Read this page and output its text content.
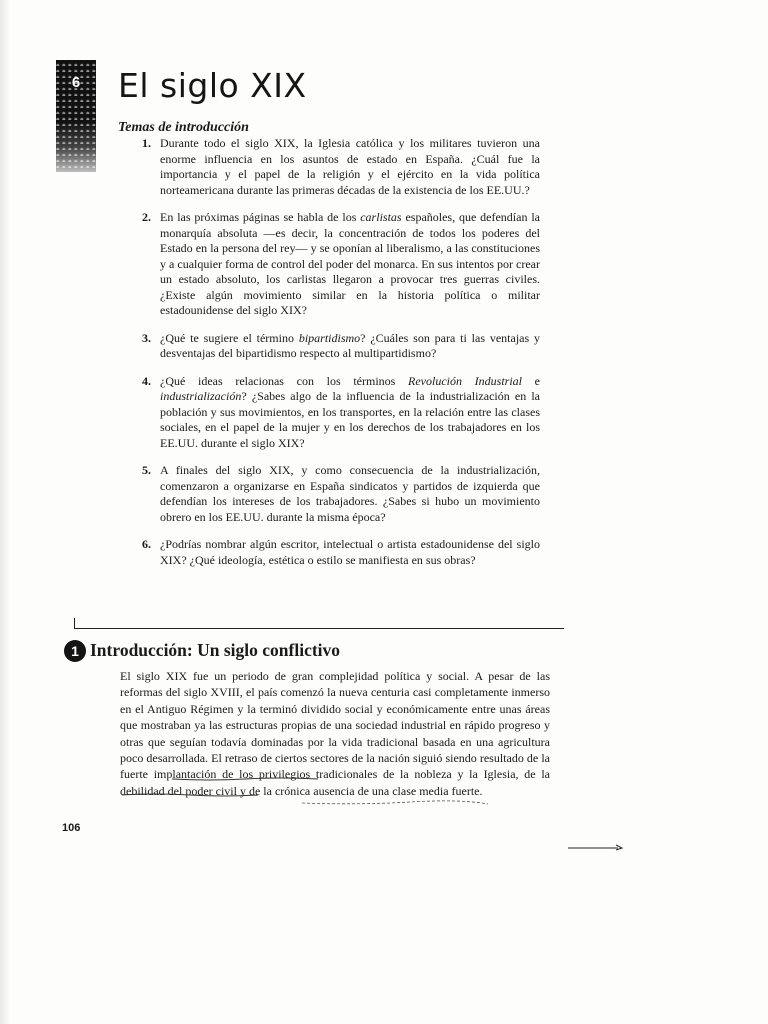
6	El siglo XIX
Temas de introducción
1. Durante todo el siglo XIX, la Iglesia católica y los militares tuvieron una enorme influencia en los asuntos de estado en España. ¿Cuál fue la importancia y el papel de la religión y el ejército en la vida política norteamericana durante las primeras décadas de la existencia de los EE.UU.?
2. En las próximas páginas se habla de los carlistas españoles, que defendían la monarquía absoluta —es decir, la concentración de todos los poderes del Estado en la persona del rey— y se oponían al liberalismo, a las constituciones y a cualquier forma de control del poder del monarca. En sus intentos por crear un estado absoluto, los carlistas llegaron a provocar tres guerras civiles. ¿Existe algún movimiento similar en la historia política o militar estadounidense del siglo XIX?
3. ¿Qué te sugiere el término bipartidismo? ¿Cuáles son para ti las ventajas y desventajas del bipartidismo respecto al multipartidismo?
4. ¿Qué ideas relacionas con los términos Revolución Industrial e industrialización? ¿Sabes algo de la influencia de la industrialización en la población y sus movimientos, en los transportes, en la relación entre las clases sociales, en el papel de la mujer y en los derechos de los trabajadores en los EE.UU. durante el siglo XIX?
5. A finales del siglo XIX, y como consecuencia de la industrialización, comenzaron a organizarse en España sindicatos y partidos de izquierda que defendían los intereses de los trabajadores. ¿Sabes si hubo un movimiento obrero en los EE.UU. durante la misma época?
6. ¿Podrías nombrar algún escritor, intelectual o artista estadounidense del siglo XIX? ¿Qué ideología, estética o estilo se manifiesta en sus obras?
1 Introducción: Un siglo conflictivo

El siglo XIX fue un periodo de gran complejidad política y social. A pesar de las reformas del siglo XVIII, el país comenzó la nueva centuria casi completamente inmerso en el Antiguo Régimen y la terminó dividido social y económicamente entre unas áreas que mostraban ya las estructuras propias de una sociedad industrial en rápido progreso y otras que seguían todavía dominadas por la vida tradicional basada en una agricultura poco desarrollada. El retraso de ciertos sectores de la nación siguió siendo resultado de la fuerte implantación de los privilegios tradicionales de la nobleza y la Iglesia, de la debilidad del poder civil y de la crónica ausencia de una clase media fuerte.

106
